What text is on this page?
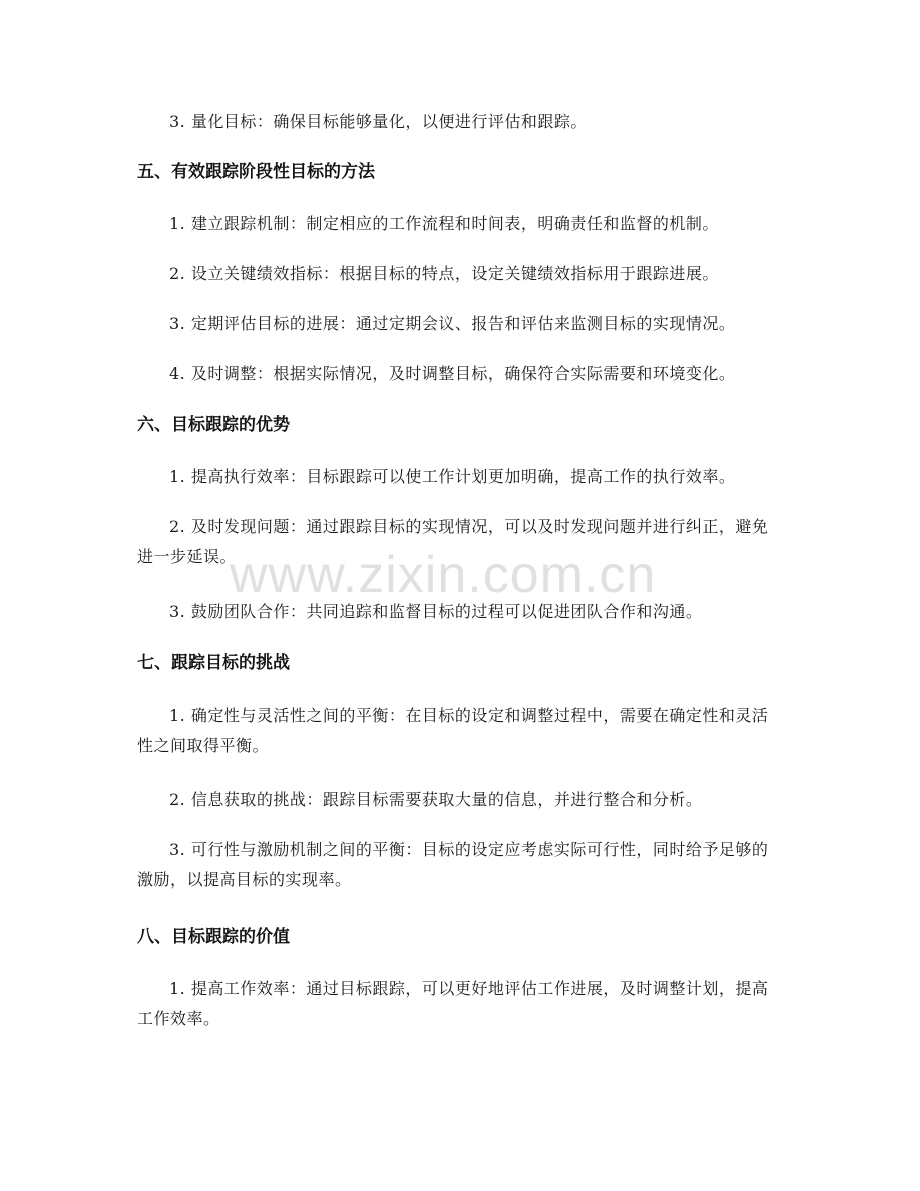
3. 量化目标：确保目标能够量化，以便进行评估和跟踪。

五、有效跟踪阶段性目标的方法

1. 建立跟踪机制：制定相应的工作流程和时间表，明确责任和监督的机制。

2. 设立关键绩效指标：根据目标的特点，设定关键绩效指标用于跟踪进展。

3. 定期评估目标的进展：通过定期会议、报告和评估来监测目标的实现情况。

4. 及时调整：根据实际情况，及时调整目标，确保符合实际需要和环境变化。

六、目标跟踪的优势

1. 提高执行效率：目标跟踪可以使工作计划更加明确，提高工作的执行效率。

2. 及时发现问题：通过跟踪目标的实现情况，可以及时发现问题并进行纠正，避免进一步延误。

3. 鼓励团队合作：共同追踪和监督目标的过程可以促进团队合作和沟通。

七、跟踪目标的挑战

1. 确定性与灵活性之间的平衡：在目标的设定和调整过程中，需要在确定性和灵活性之间取得平衡。

2. 信息获取的挑战：跟踪目标需要获取大量的信息，并进行整合和分析。

3. 可行性与激励机制之间的平衡：目标的设定应考虑实际可行性，同时给予足够的激励，以提高目标的实现率。

八、目标跟踪的价值

1. 提高工作效率：通过目标跟踪，可以更好地评估工作进展，及时调整计划，提高工作效率。

www.zixin.com.cn
